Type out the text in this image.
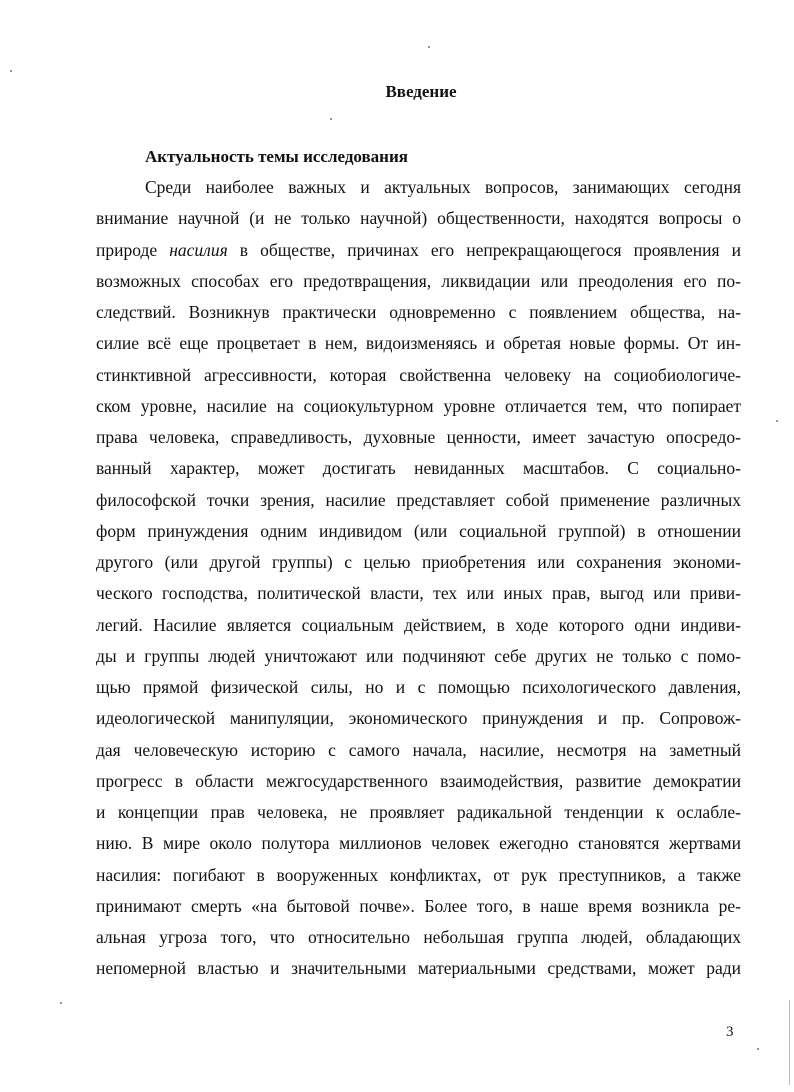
Введение
Актуальность темы исследования
Среди наиболее важных и актуальных вопросов, занимающих сегодня
внимание научной (и не только научной) общественности, находятся вопросы о
природе насилия в обществе, причинах его непрекращающегося проявления и
возможных способах его предотвращения, ликвидации или преодоления его по-
следствий. Возникнув практически одновременно с появлением общества, на-
силие всё еще процветает в нем, видоизменяясь и обретая новые формы. От ин-
стинктивной агрессивности, которая свойственна человеку на социобиологиче-
ском уровне, насилие на социокультурном уровне отличается тем, что попирает
права человека, справедливость, духовные ценности, имеет зачастую опосредо-
ванный характер, может достигать невиданных масштабов. С социально-
философской точки зрения, насилие представляет собой применение различных
форм принуждения одним индивидом (или социальной группой) в отношении
другого (или другой группы) с целью приобретения или сохранения экономи-
ческого господства, политической власти, тех или иных прав, выгод или приви-
легий. Насилие является социальным действием, в ходе которого одни индиви-
ды и группы людей уничтожают или подчиняют себе других не только с помо-
щью прямой физической силы, но и с помощью психологического давления,
идеологической манипуляции, экономического принуждения и пр. Сопровож-
дая человеческую историю с самого начала, насилие, несмотря на заметный
прогресс в области межгосударственного взаимодействия, развитие демократии
и концепции прав человека, не проявляет радикальной тенденции к ослабле-
нию. В мире около полутора миллионов человек ежегодно становятся жертвами
насилия: погибают в вооруженных конфликтах, от рук преступников, а также
принимают смерть «на бытовой почве». Более того, в наше время возникла ре-
альная угроза того, что относительно небольшая группа людей, обладающих
непомерной властью и значительными материальными средствами, может ради
3
